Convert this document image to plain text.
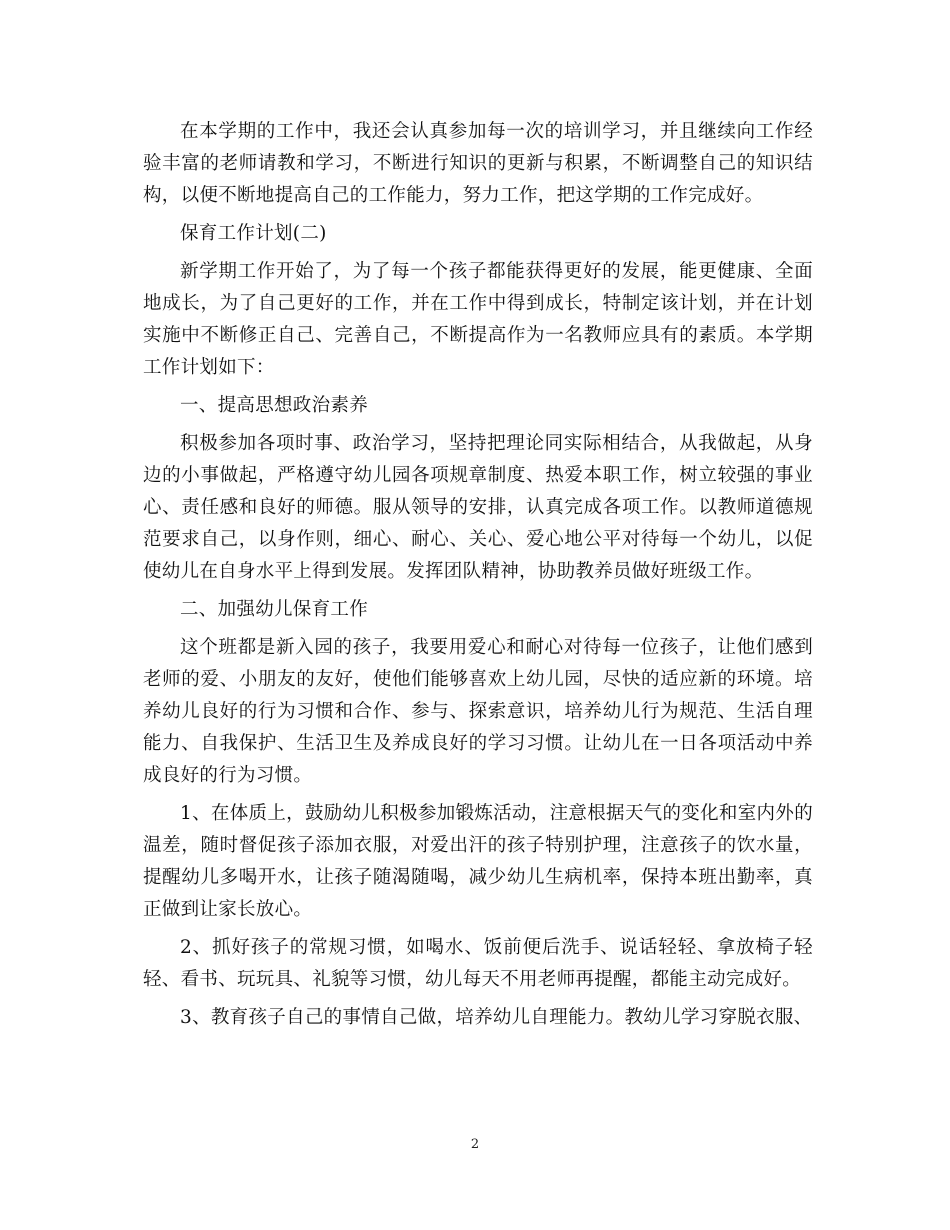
在本学期的工作中，我还会认真参加每一次的培训学习，并且继续向工作经验丰富的老师请教和学习，不断进行知识的更新与积累，不断调整自己的知识结构，以便不断地提高自己的工作能力，努力工作，把这学期的工作完成好。

保育工作计划(二)

新学期工作开始了，为了每一个孩子都能获得更好的发展，能更健康、全面地成长，为了自己更好的工作，并在工作中得到成长，特制定该计划，并在计划实施中不断修正自己、完善自己，不断提高作为一名教师应具有的素质。本学期工作计划如下：

一、提高思想政治素养

积极参加各项时事、政治学习，坚持把理论同实际相结合，从我做起，从身边的小事做起，严格遵守幼儿园各项规章制度、热爱本职工作，树立较强的事业心、责任感和良好的师德。服从领导的安排，认真完成各项工作。以教师道德规范要求自己，以身作则，细心、耐心、关心、爱心地公平对待每一个幼儿，以促使幼儿在自身水平上得到发展。发挥团队精神，协助教养员做好班级工作。

二、加强幼儿保育工作

这个班都是新入园的孩子，我要用爱心和耐心对待每一位孩子，让他们感到老师的爱、小朋友的友好，使他们能够喜欢上幼儿园，尽快的适应新的环境。培养幼儿良好的行为习惯和合作、参与、探索意识，培养幼儿行为规范、生活自理能力、自我保护、生活卫生及养成良好的学习习惯。让幼儿在一日各项活动中养成良好的行为习惯。

1、在体质上，鼓励幼儿积极参加锻炼活动，注意根据天气的变化和室内外的温差，随时督促孩子添加衣服，对爱出汗的孩子特别护理，注意孩子的饮水量，提醒幼儿多喝开水，让孩子随渴随喝，减少幼儿生病机率，保持本班出勤率，真正做到让家长放心。

2、抓好孩子的常规习惯，如喝水、饭前便后洗手、说话轻轻、拿放椅子轻轻、看书、玩玩具、礼貌等习惯，幼儿每天不用老师再提醒，都能主动完成好。

3、教育孩子自己的事情自己做，培养幼儿自理能力。教幼儿学习穿脱衣服、

2
